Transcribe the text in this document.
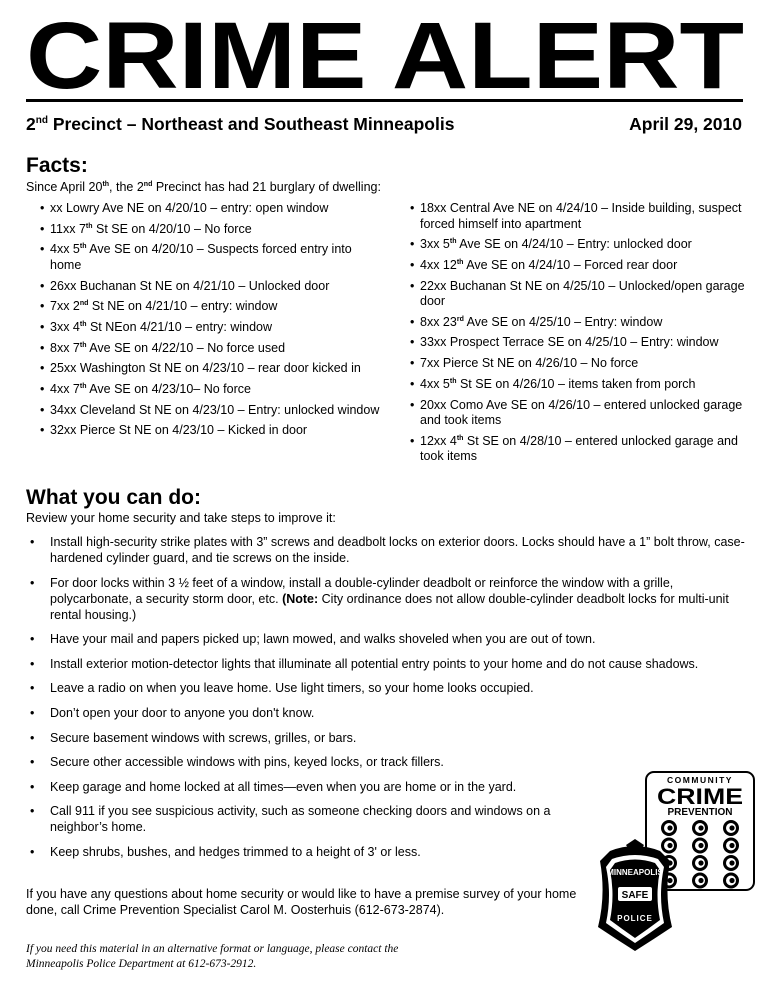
CRIME ALERT
2nd Precinct – Northeast and Southeast Minneapolis	April 29, 2010
Facts:
Since April 20th, the 2nd Precinct has had 21 burglary of dwelling:
• xx Lowry Ave NE on 4/20/10 – entry: open window
• 11xx 7th St SE on 4/20/10 – No force
• 4xx 5th Ave SE on 4/20/10 – Suspects forced entry into home
• 26xx Buchanan St NE on 4/21/10 – Unlocked door
• 7xx 2nd St NE on 4/21/10 – entry: window
• 3xx 4th St NEon 4/21/10 – entry: window
• 8xx 7th Ave SE on 4/22/10 – No force used
• 25xx Washington St NE on 4/23/10 – rear door kicked in
• 4xx 7th Ave SE on 4/23/10– No force
• 34xx Cleveland St NE on 4/23/10 – Entry: unlocked window
• 32xx Pierce St NE on 4/23/10 – Kicked in door
• 18xx Central Ave NE on 4/24/10 – Inside building, suspect forced himself into apartment
• 3xx 5th Ave SE on 4/24/10 – Entry: unlocked door
• 4xx 12th Ave SE on 4/24/10 – Forced rear door
• 22xx Buchanan St NE on 4/25/10 – Unlocked/open garage door
• 8xx 23rd Ave SE on 4/25/10 – Entry: window
• 33xx Prospect Terrace SE on 4/25/10 – Entry: window
• 7xx Pierce St NE on 4/26/10 – No force
• 4xx 5th St SE on 4/26/10 – items taken from porch
• 20xx Como Ave SE on 4/26/10 – entered unlocked garage and took items
• 12xx 4th St SE on 4/28/10 – entered unlocked garage and took items
What you can do:
Review your home security and take steps to improve it:
• Install high-security strike plates with 3” screws and deadbolt locks on exterior doors. Locks should have a 1” bolt throw, case-hardened cylinder guard, and tie screws on the inside.
• For door locks within 3 ½ feet of a window, install a double-cylinder deadbolt or reinforce the window with a grille, polycarbonate, a security storm door, etc. (Note: City ordinance does not allow double-cylinder deadbolt locks for multi-unit rental housing.)
• Have your mail and papers picked up; lawn mowed, and walks shoveled when you are out of town.
• Install exterior motion-detector lights that illuminate all potential entry points to your home and do not cause shadows.
• Leave a radio on when you leave home. Use light timers, so your home looks occupied.
• Don’t open your door to anyone you don't know.
• Secure basement windows with screws, grilles, or bars.
• Secure other accessible windows with pins, keyed locks, or track fillers.
• Keep garage and home locked at all times—even when you are home or in the yard.
• Call 911 if you see suspicious activity, such as someone checking doors and windows on a neighbor’s home.
• Keep shrubs, bushes, and hedges trimmed to a height of 3' or less.
If you have any questions about home security or would like to have a premise survey of your home done, call Crime Prevention Specialist Carol M. Oosterhuis (612-673-2874).
If you need this material in an alternative format or language, please contact the
Minneapolis Police Department at 612-673-2912.
COMMUNITY
CRIME
PREVENTION
MINNEAPOLIS
SAFE
POLICE
